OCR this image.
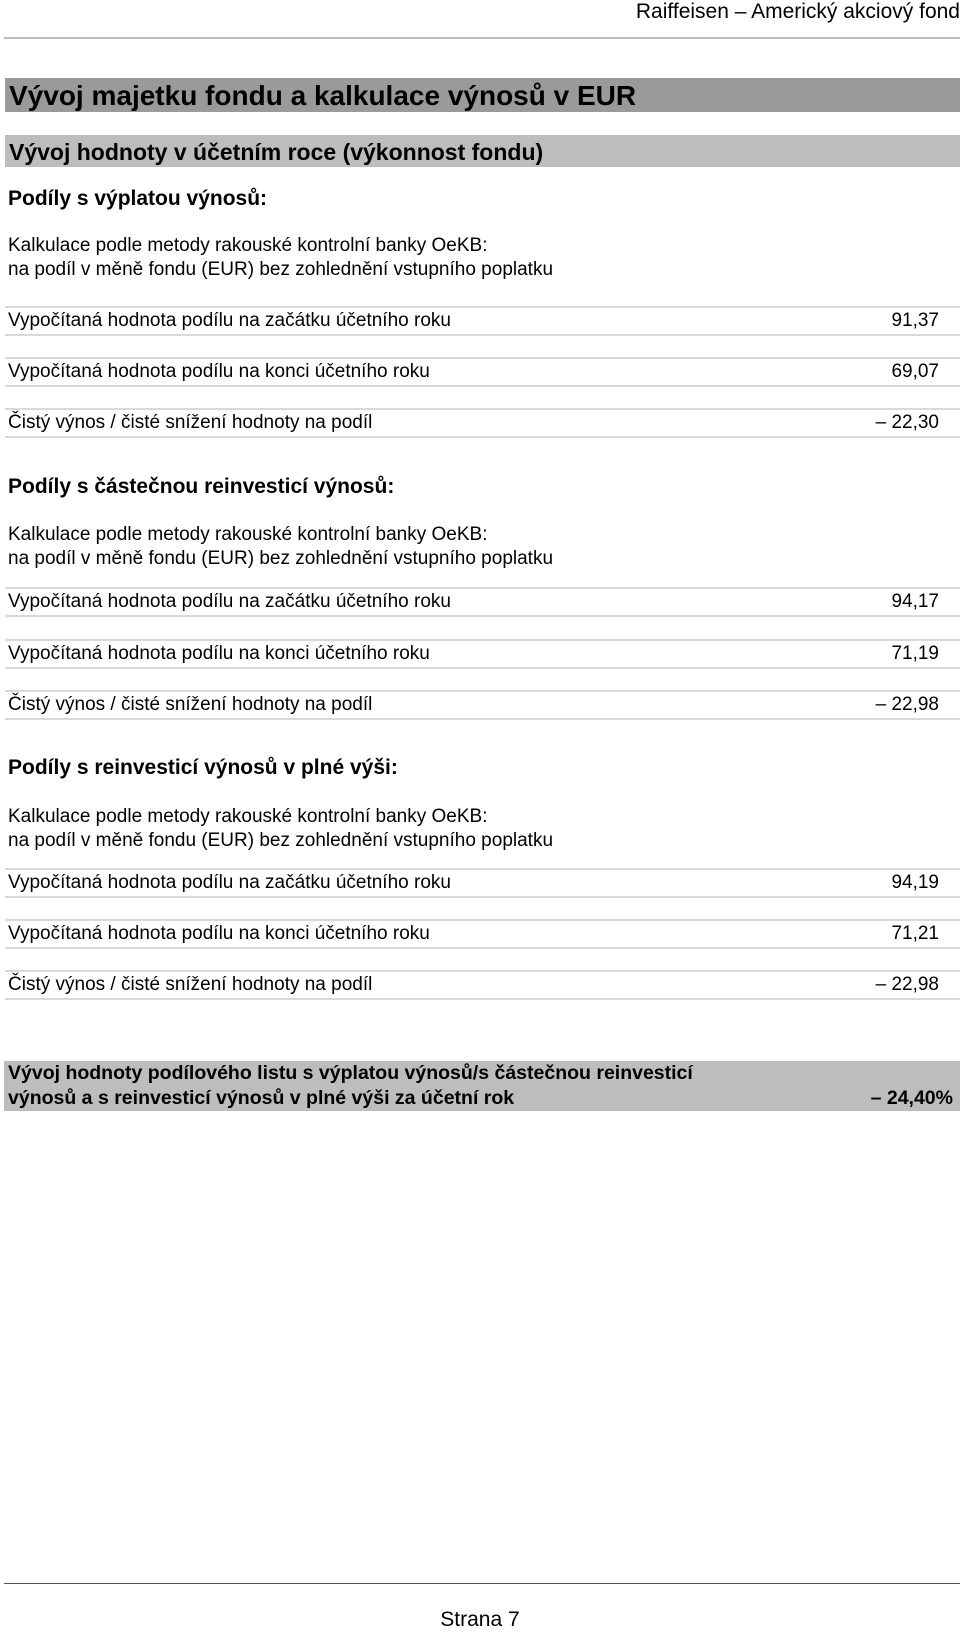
Raiffeisen – Americký akciový fond
Vývoj majetku fondu a kalkulace výnosů v EUR
Vývoj hodnoty v účetním roce (výkonnost fondu)
Podíly s výplatou výnosů:
Kalkulace podle metody rakouské kontrolní banky OeKB:
na podíl v měně fondu (EUR) bez zohlednění vstupního poplatku
Vypočítaná hodnota podílu na začátku účetního roku	91,37
Vypočítaná hodnota podílu na konci účetního roku	69,07
Čistý výnos / čisté snížení hodnoty na podíl	– 22,30
Podíly s částečnou reinvesticí výnosů:
Kalkulace podle metody rakouské kontrolní banky OeKB:
na podíl v měně fondu (EUR) bez zohlednění vstupního poplatku
Vypočítaná hodnota podílu na začátku účetního roku	94,17
Vypočítaná hodnota podílu na konci účetního roku	71,19
Čistý výnos / čisté snížení hodnoty na podíl	– 22,98
Podíly s reinvesticí výnosů v plné výši:
Kalkulace podle metody rakouské kontrolní banky OeKB:
na podíl v měně fondu (EUR) bez zohlednění vstupního poplatku
Vypočítaná hodnota podílu na začátku účetního roku	94,19
Vypočítaná hodnota podílu na konci účetního roku	71,21
Čistý výnos / čisté snížení hodnoty na podíl	– 22,98
Vývoj hodnoty podílového listu s výplatou výnosů/s částečnou reinvesticí
výnosů a s reinvesticí výnosů v plné výši za účetní rok	– 24,40%
Strana 7
